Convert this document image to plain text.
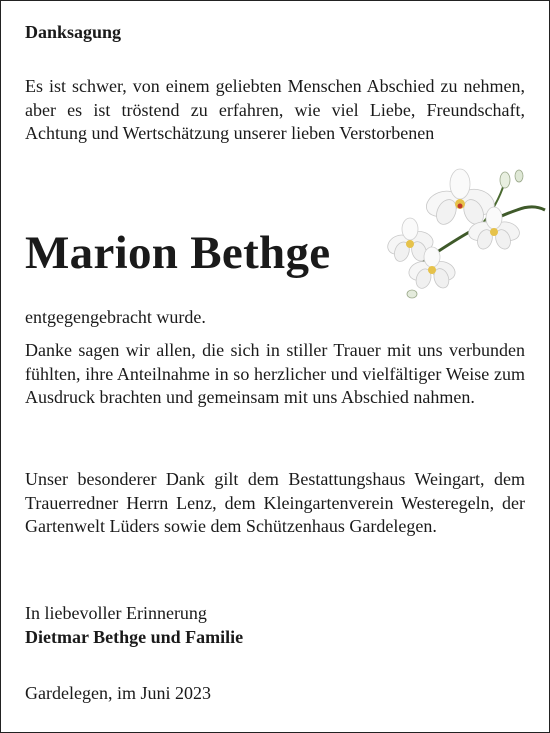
Danksagung

Es ist schwer, von einem geliebten Menschen Abschied zu nehmen, aber es ist tröstend zu erfahren, wie viel Liebe, Freundschaft, Achtung und Wertschätzung unserer lieben Verstorbenen

Marion Bethge

entgegengebracht wurde.

Danke sagen wir allen, die sich in stiller Trauer mit uns verbunden fühlten, ihre Anteilnahme in so herzlicher und vielfältiger Weise zum Ausdruck brachten und gemeinsam mit uns Abschied nahmen.

Unser besonderer Dank gilt dem Bestattungshaus Weingart, dem Trauerredner Herrn Lenz, dem Kleingartenverein Westeregeln, der Gartenwelt Lüders sowie dem Schützenhaus Gardelegen.

In liebevoller Erinnerung

Dietmar Bethge und Familie

Gardelegen, im Juni 2023
